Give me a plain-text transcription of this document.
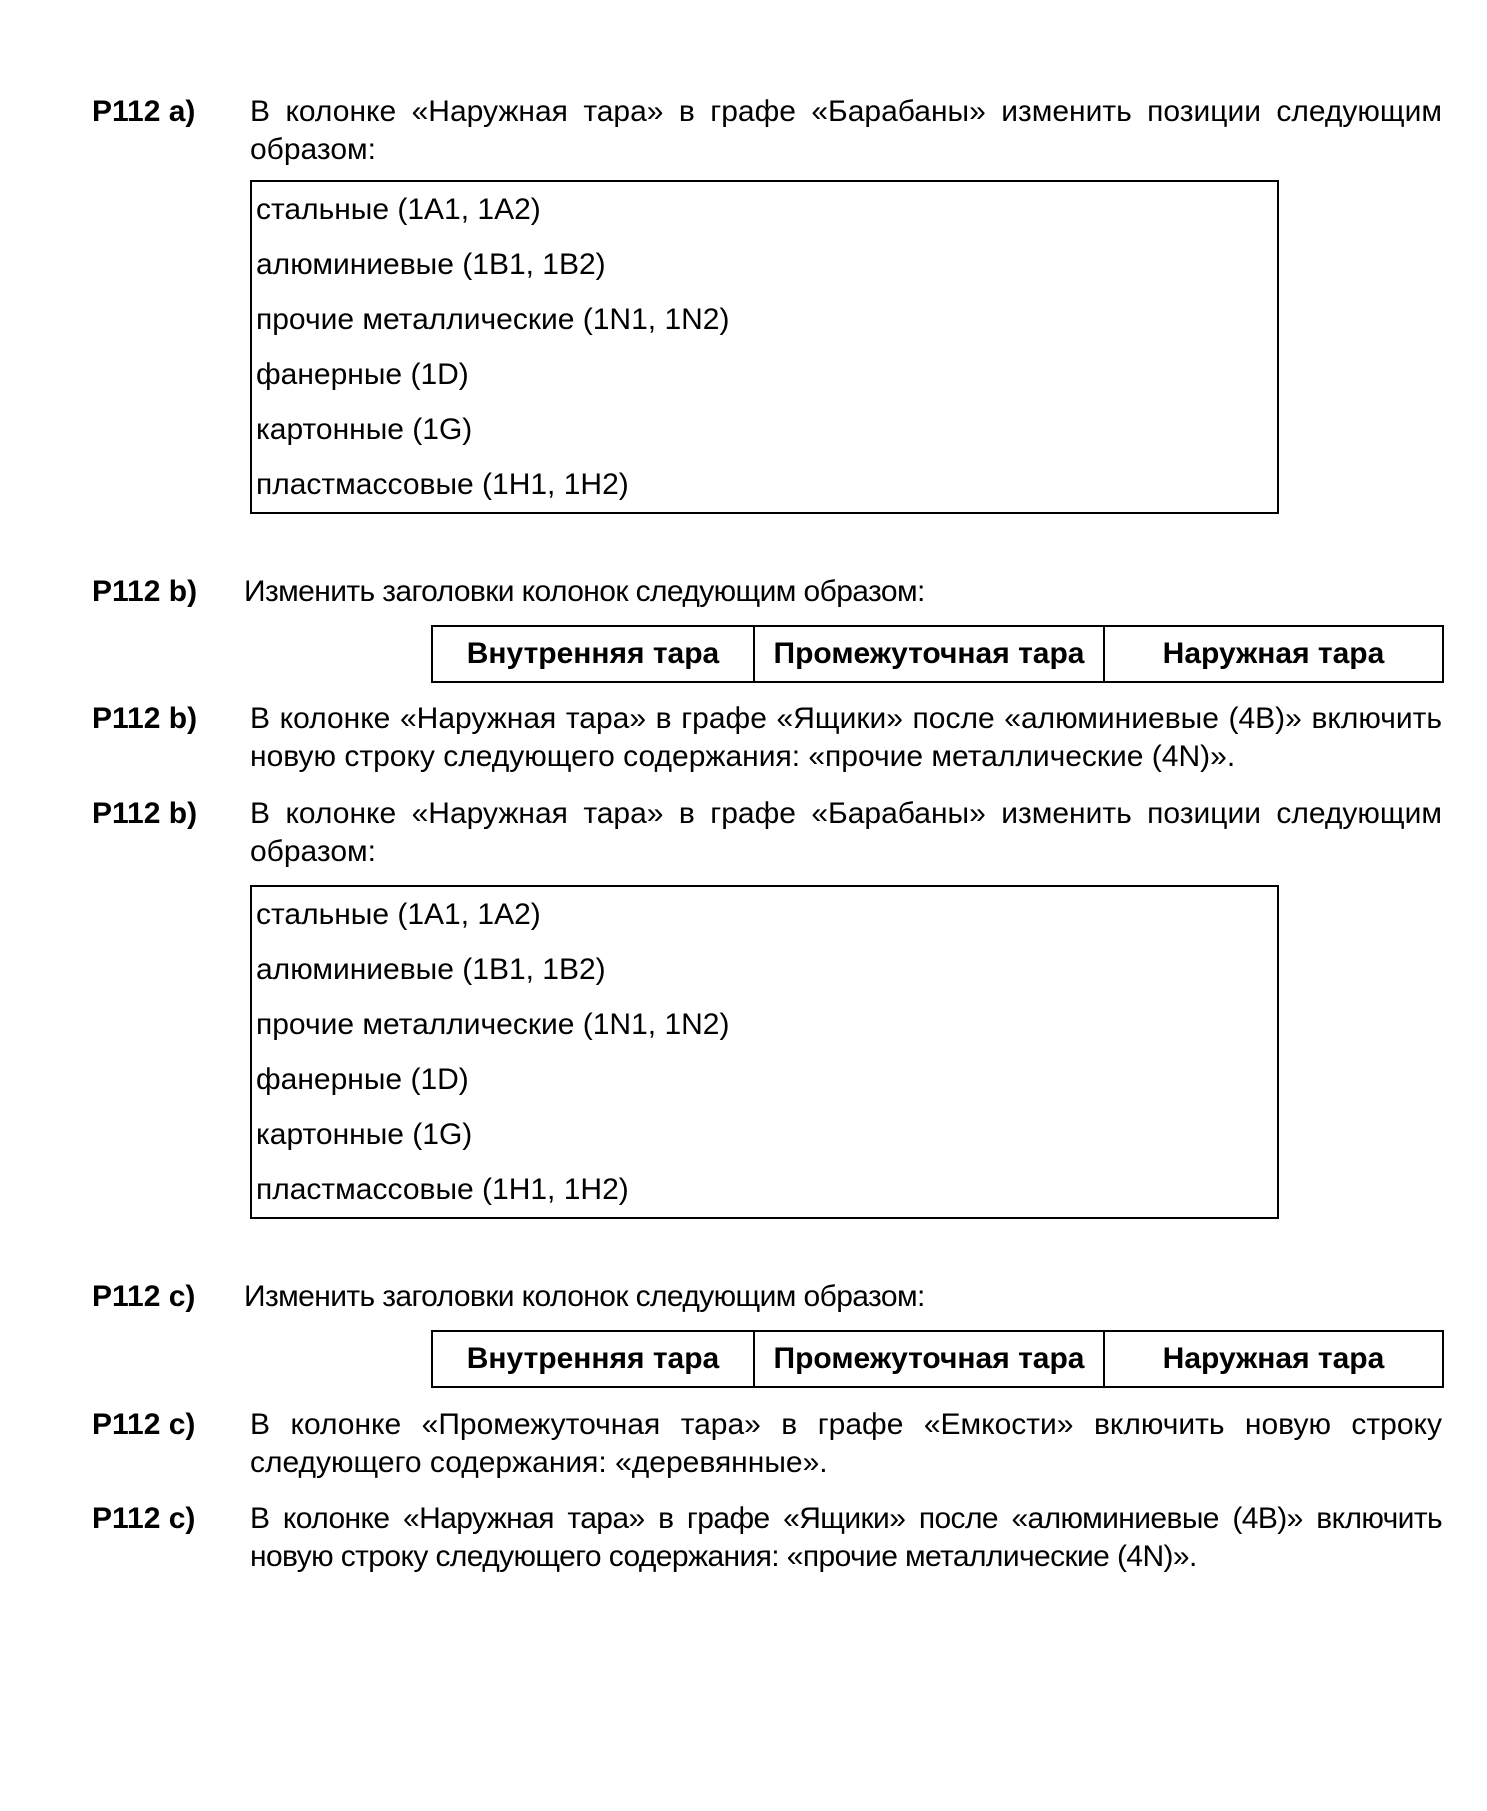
P112 a) В колонке «Наружная тара» в графе «Барабаны» изменить позиции следующим образом:
стальные (1A1, 1A2)
алюминиевые (1B1, 1B2)
прочие металлические (1N1, 1N2)
фанерные (1D)
картонные (1G)
пластмассовые (1H1, 1H2)
P112 b) Изменить заголовки колонок следующим образом:
Внутренняя тара	Промежуточная тара	Наружная тара
P112 b) В колонке «Наружная тара» в графе «Ящики» после «алюминиевые (4B)» включить новую строку следующего содержания: «прочие металлические (4N)».
P112 b) В колонке «Наружная тара» в графе «Барабаны» изменить позиции следующим образом:
стальные (1A1, 1A2)
алюминиевые (1B1, 1B2)
прочие металлические (1N1, 1N2)
фанерные (1D)
картонные (1G)
пластмассовые (1H1, 1H2)
P112 c) Изменить заголовки колонок следующим образом:
Внутренняя тара	Промежуточная тара	Наружная тара
P112 c) В колонке «Промежуточная тара» в графе «Емкости» включить новую строку следующего содержания: «деревянные».
P112 c) В колонке «Наружная тара» в графе «Ящики» после «алюминиевые (4B)» включить новую строку следующего содержания: «прочие металлические (4N)».
